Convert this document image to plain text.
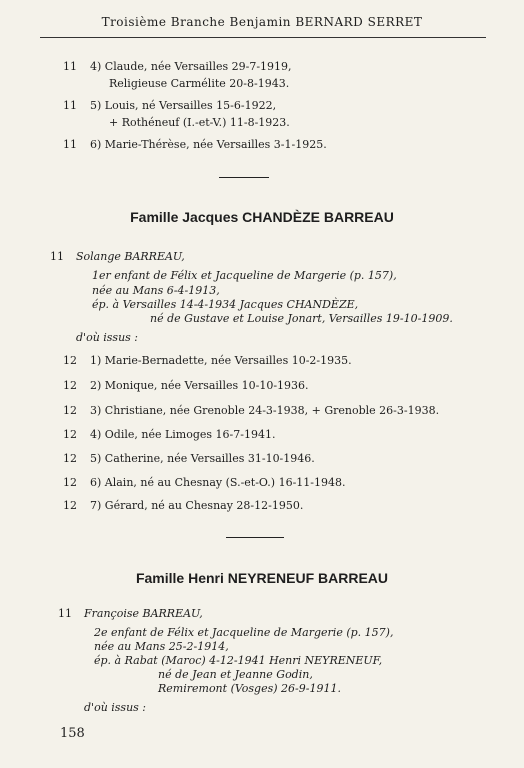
Troisième Branche Benjamin BERNARD SERRET
11 4) Claude, née Versailles 29-7-1919,
Religieuse Carmélite 20-8-1943.
11 5) Louis, né Versailles 15-6-1922,
+ Rothéneuf (I.-et-V.) 11-8-1923.
11 6) Marie-Thérèse, née Versailles 3-1-1925.
Famille Jacques CHANDÈZE BARREAU
11 Solange BARREAU,
1er enfant de Félix et Jacqueline de Margerie (p. 157),
née au Mans 6-4-1913,
ép. à Versailles 14-4-1934 Jacques CHANDÈZE,
né de Gustave et Louise Jonart, Versailles 19-10-1909.
d'où issus :
12 1) Marie-Bernadette, née Versailles 10-2-1935.
12 2) Monique, née Versailles 10-10-1936.
12 3) Christiane, née Grenoble 24-3-1938, + Grenoble 26-3-1938.
12 4) Odile, née Limoges 16-7-1941.
12 5) Catherine, née Versailles 31-10-1946.
12 6) Alain, né au Chesnay (S.-et-O.) 16-11-1948.
12 7) Gérard, né au Chesnay 28-12-1950.
Famille Henri NEYRENEUF BARREAU
11 Françoise BARREAU,
2e enfant de Félix et Jacqueline de Margerie (p. 157),
née au Mans 25-2-1914,
ép. à Rabat (Maroc) 4-12-1941 Henri NEYRENEUF,
né de Jean et Jeanne Godin,
Remiremont (Vosges) 26-9-1911.
d'où issus :
158
